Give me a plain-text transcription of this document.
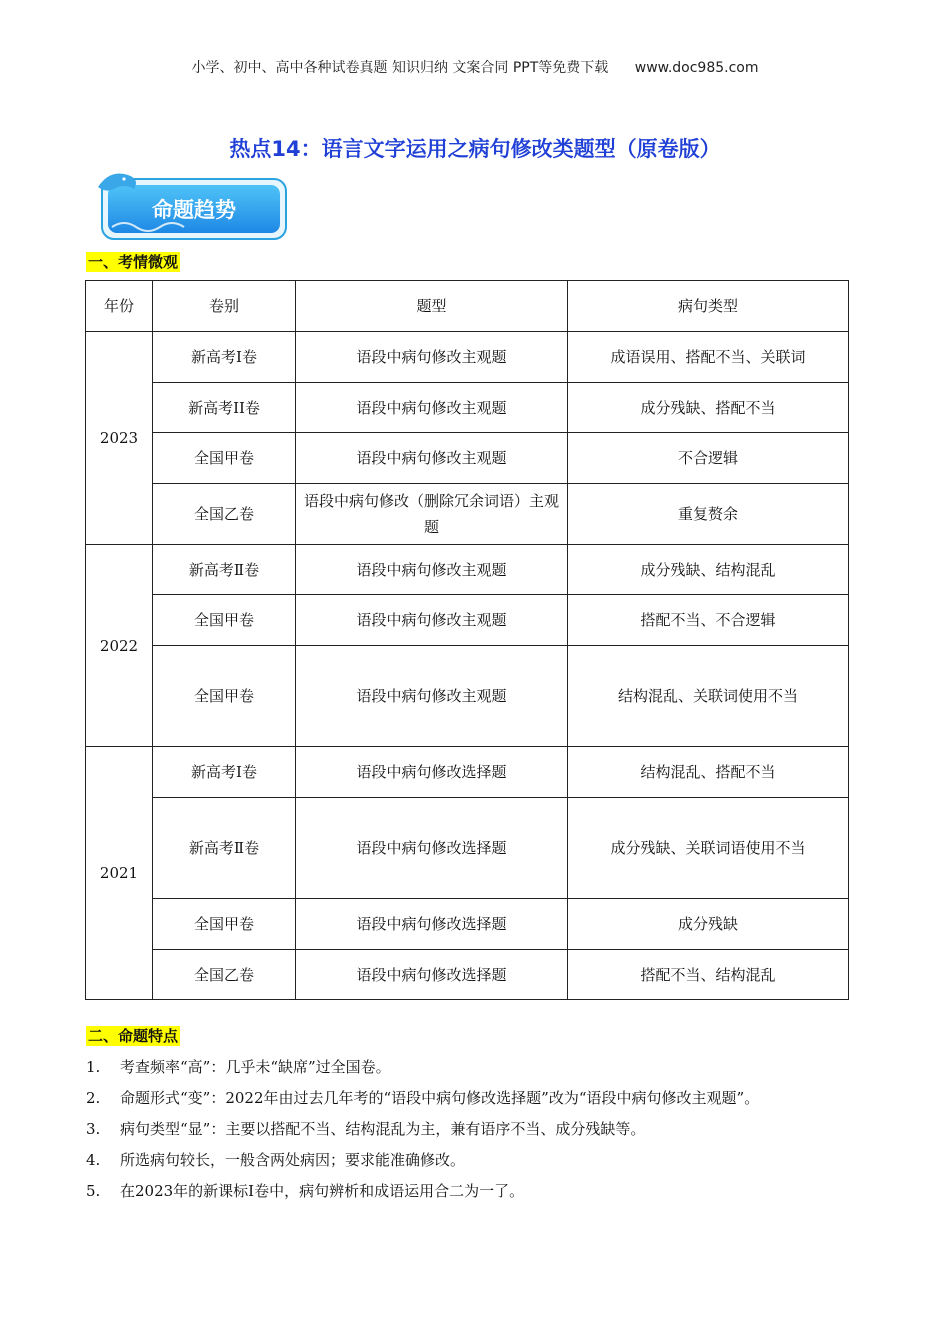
小学、初中、高中各种试卷真题 知识归纳 文案合同 PPT等免费下载 www.doc985.com
热点14：语言文字运用之病句修改类题型（原卷版）
命题趋势
一、考情微观
年份	卷别	题型	病句类型
2023	新高考I卷	语段中病句修改主观题	成语误用、搭配不当、关联词
	新高考II卷	语段中病句修改主观题	成分残缺、搭配不当
	全国甲卷	语段中病句修改主观题	不合逻辑
	全国乙卷	语段中病句修改（删除冗余词语）主观题	重复赘余
2022	新高考Ⅱ卷	语段中病句修改主观题	成分残缺、结构混乱
	全国甲卷	语段中病句修改主观题	搭配不当、不合逻辑
	全国甲卷	语段中病句修改主观题	结构混乱、关联词使用不当
2021	新高考Ⅰ卷	语段中病句修改选择题	结构混乱、搭配不当
	新高考Ⅱ卷	语段中病句修改选择题	成分残缺、关联词语使用不当
	全国甲卷	语段中病句修改选择题	成分残缺
	全国乙卷	语段中病句修改选择题	搭配不当、结构混乱
二、命题特点
1. 考查频率“高”：几乎未“缺席”过全国卷。
2. 命题形式“变”：2022年由过去几年考的“语段中病句修改选择题”改为“语段中病句修改主观题”。
3. 病句类型“显”：主要以搭配不当、结构混乱为主，兼有语序不当、成分残缺等。
4. 所选病句较长，一般含两处病因；要求能准确修改。
5. 在2023年的新课标I卷中，病句辨析和成语运用合二为一了。
